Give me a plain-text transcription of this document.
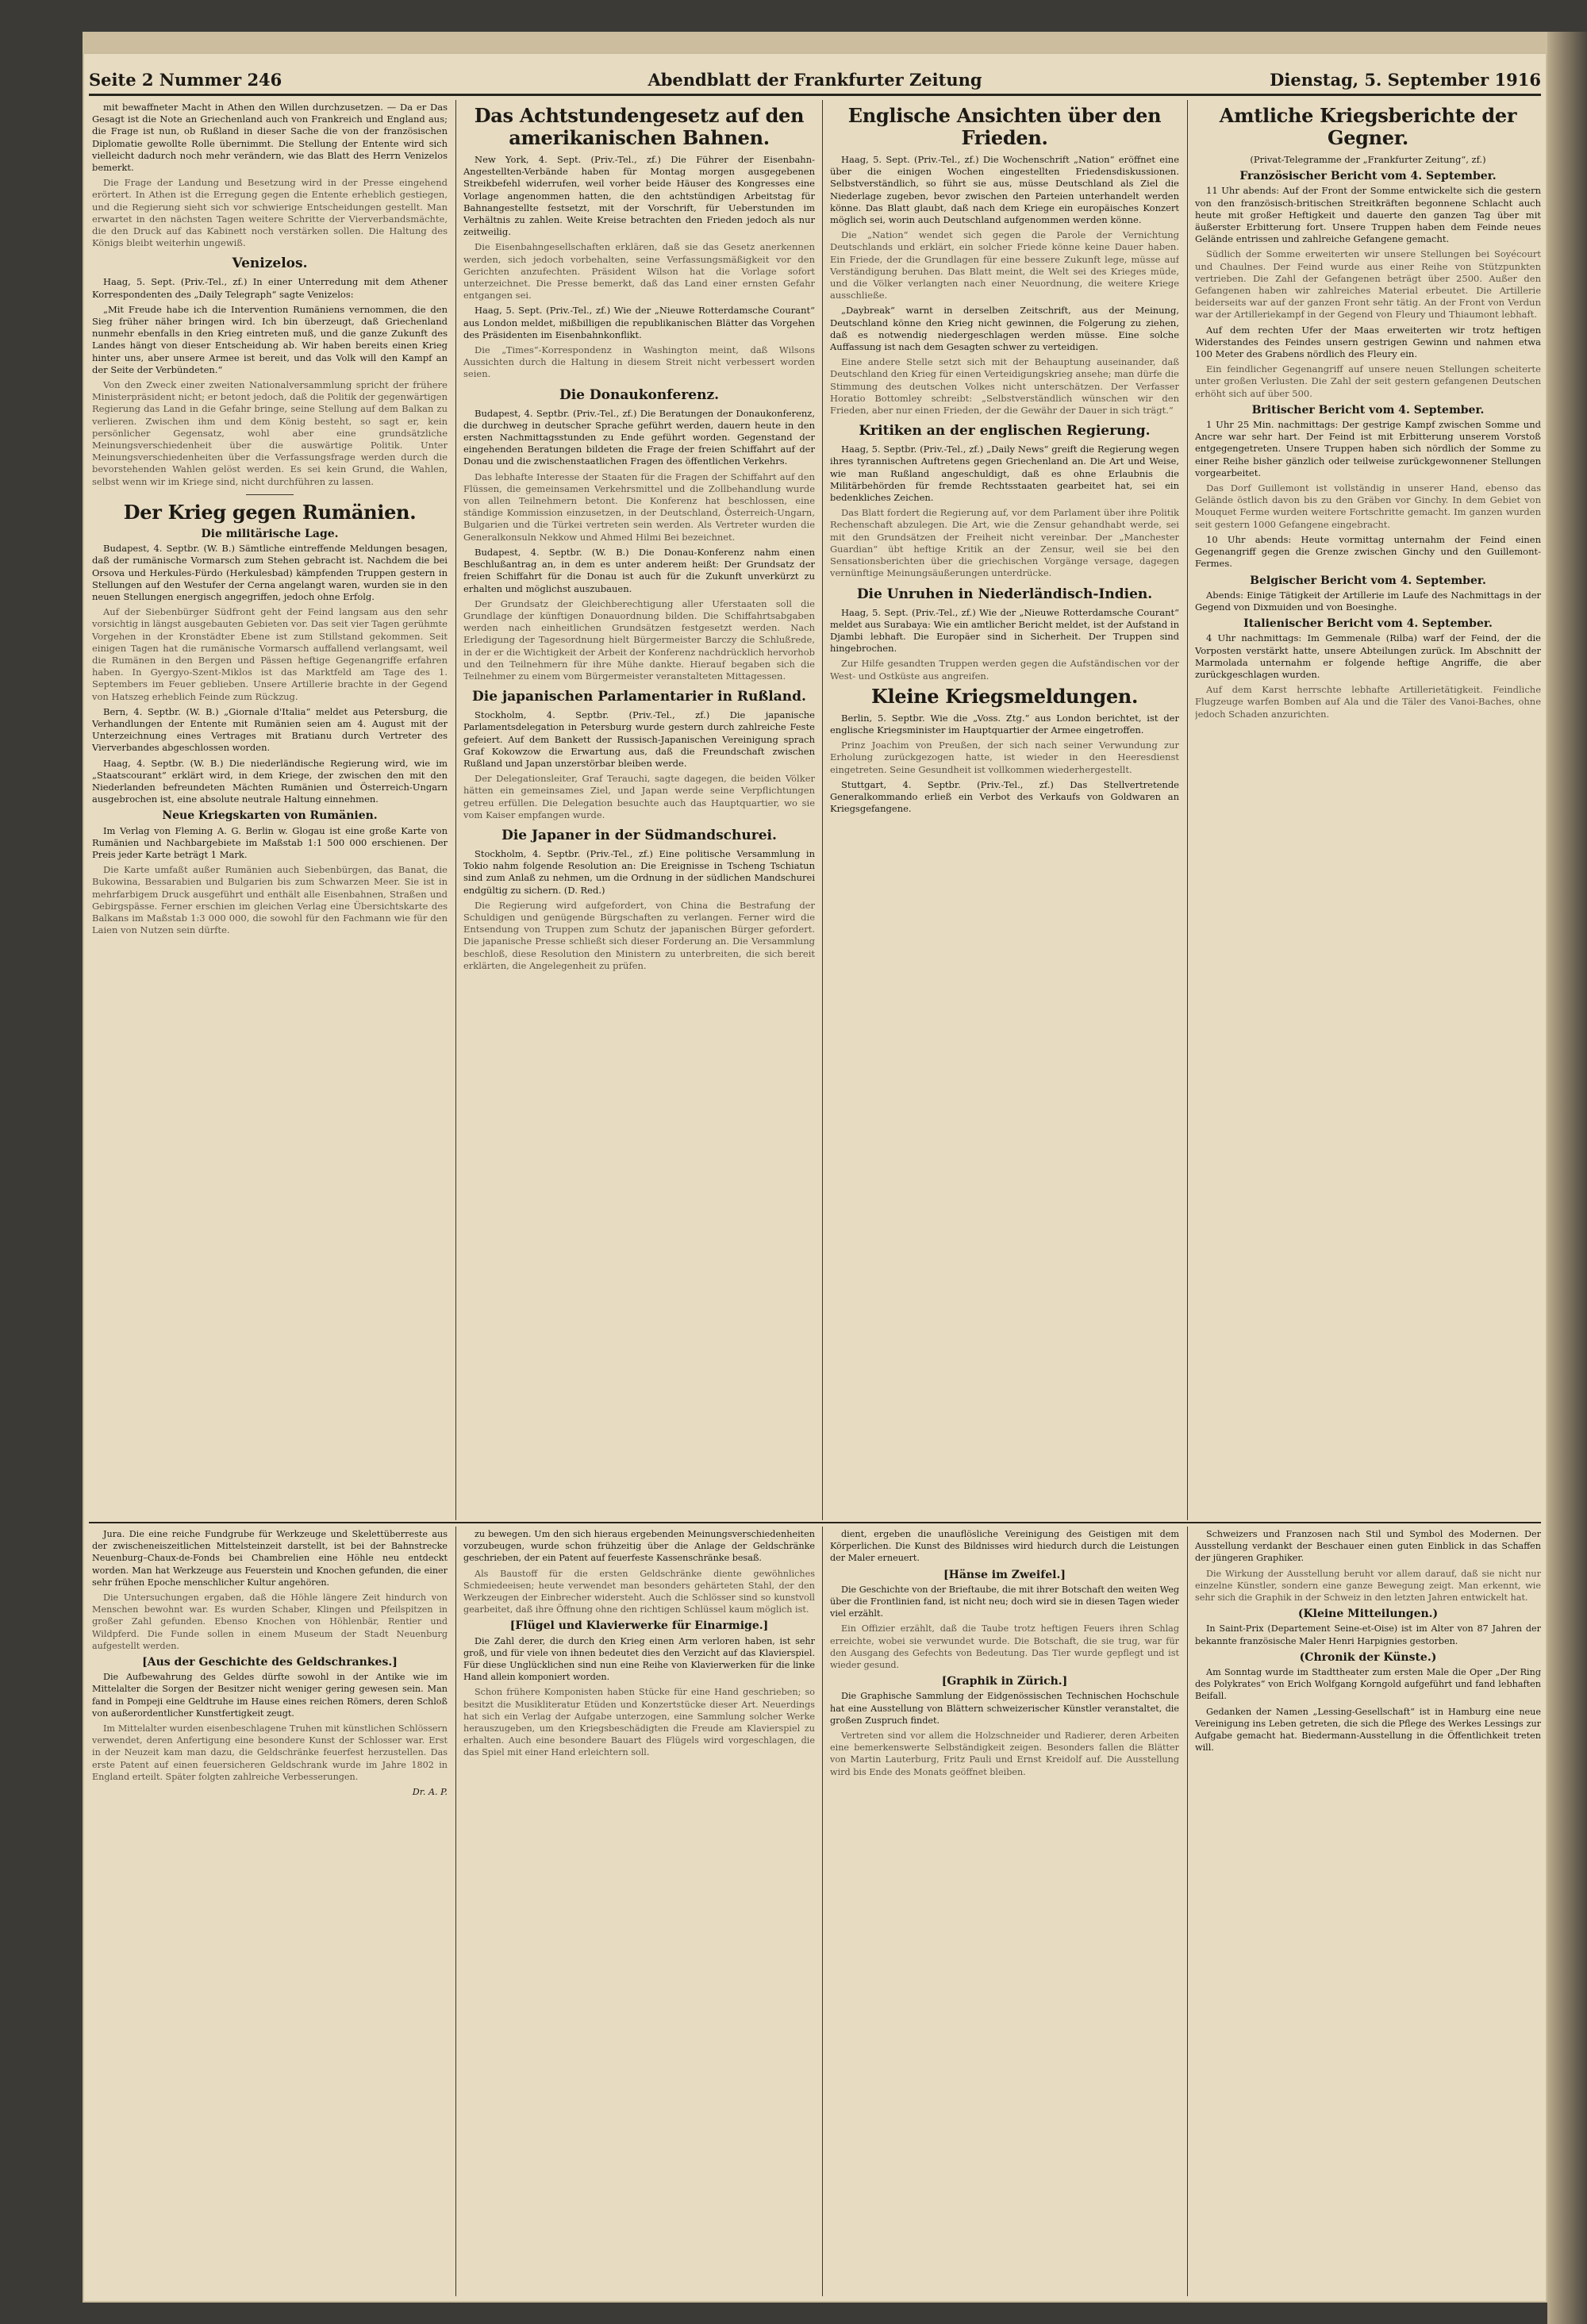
Seite 2 Nummer 246	Abendblatt der Frankfurter Zeitung	Dienstag, 5. September 1916

mit bewaffneter Macht in Athen den Willen durchzusetzen. — Da er Das Gesagt ist die Note an Griechenland auch von Frankreich und England aus; die Frage ist nun, ob Rußland in dieser Sache die von der französischen Diplomatie gewollte Rolle übernimmt. Die Stellung der Entente wird sich vielleicht dadurch noch mehr verändern, wie das Blatt des Herrn Venizelos bemerkt.

Die Frage der Landung und Besetzung wird in der Presse eingehend erörtert. In Athen ist die Erregung gegen die Entente erheblich gestiegen, und die Regierung sieht sich vor schwierige Entscheidungen gestellt. Man erwartet in den nächsten Tagen weitere Schritte der Vierverbandsmächte, die den Druck auf das Kabinett noch verstärken sollen. Die Haltung des Königs bleibt weiterhin ungewiß.

Venizelos.

Haag, 5. Sept. (Priv.-Tel., zf.) In einer Unterredung mit dem Athener Korrespondenten des „Daily Telegraph“ sagte Venizelos:

„Mit Freude habe ich die Intervention Rumäniens vernommen, die den Sieg früher näher bringen wird. Ich bin überzeugt, daß Griechenland nunmehr ebenfalls in den Krieg eintreten muß, und die ganze Zukunft des Landes hängt von dieser Entscheidung ab. Wir haben bereits einen Krieg hinter uns, aber unsere Armee ist bereit, und das Volk will den Kampf an der Seite der Verbündeten.“

Von den Zweck einer zweiten Nationalversammlung spricht der frühere Ministerpräsident nicht; er betont jedoch, daß die Politik der gegenwärtigen Regierung das Land in die Gefahr bringe, seine Stellung auf dem Balkan zu verlieren. Zwischen ihm und dem König besteht, so sagt er, kein persönlicher Gegensatz, wohl aber eine grundsätzliche Meinungsverschiedenheit über die auswärtige Politik. Unter Meinungsverschiedenheiten über die Verfassungsfrage werden durch die bevorstehenden Wahlen gelöst werden. Es sei kein Grund, die Wahlen, selbst wenn wir im Kriege sind, nicht durchführen zu lassen.

Der Krieg gegen Rumänien.
Die militärische Lage.

Budapest, 4. Septbr. (W. B.) Sämtliche eintreffende Meldungen besagen, daß der rumänische Vormarsch zum Stehen gebracht ist. Nachdem die bei Orsova und Herkules-Fürdo (Herkulesbad) kämpfenden Truppen gestern in Stellungen auf den Westufer der Cerna angelangt waren, wurden sie in den neuen Stellungen energisch angegriffen, jedoch ohne Erfolg.

Auf der Siebenbürger Südfront geht der Feind langsam aus den sehr vorsichtig in längst ausgebauten Gebieten vor. Das seit vier Tagen gerühmte Vorgehen in der Kronstädter Ebene ist zum Stillstand gekommen. Seit einigen Tagen hat die rumänische Vormarsch auffallend verlangsamt, weil die Rumänen in den Bergen und Pässen heftige Gegenangriffe erfahren haben. In Gyergyo-Szent-Miklos ist das Marktfeld am Tage des 1. Septembers im Feuer geblieben. Unsere Artillerie brachte in der Gegend von Hatszeg erheblich Feinde zum Rückzug.

Bern, 4. Septbr. (W. B.) „Giornale d'Italia“ meldet aus Petersburg, die Verhandlungen der Entente mit Rumänien seien am 4. August mit der Unterzeichnung eines Vertrages mit Bratianu durch Vertreter des Vierverbandes abgeschlossen worden.

Haag, 4. Septbr. (W. B.) Die niederländische Regierung wird, wie im „Staatscourant“ erklärt wird, in dem Kriege, der zwischen den mit den Niederlanden befreundeten Mächten Rumänien und Österreich-Ungarn ausgebrochen ist, eine absolute neutrale Haltung einnehmen.

Neue Kriegskarten von Rumänien.

Im Verlag von Fleming A. G. Berlin w. Glogau ist eine große Karte von Rumänien und Nachbargebiete im Maßstab 1:1 500 000 erschienen. Der Preis jeder Karte beträgt 1 Mark.

Die Karte umfaßt außer Rumänien auch Siebenbürgen, das Banat, die Bukowina, Bessarabien und Bulgarien bis zum Schwarzen Meer. Sie ist in mehrfarbigem Druck ausgeführt und enthält alle Eisenbahnen, Straßen und Gebirgspässe. Ferner erschien im gleichen Verlag eine Übersichtskarte des Balkans im Maßstab 1:3 000 000, die sowohl für den Fachmann wie für den Laien von Nutzen sein dürfte.

Das Achtstundengesetz auf den amerikanischen Bahnen.

New York, 4. Sept. (Priv.-Tel., zf.) Die Führer der Eisenbahn-Angestellten-Verbände haben für Montag morgen ausgegebenen Streikbefehl widerrufen, weil vorher beide Häuser des Kongresses eine Vorlage angenommen hatten, die den achtstündigen Arbeitstag für Bahnangestellte festsetzt, mit der Vorschrift, für Ueberstunden im Verhältnis zu zahlen. Weite Kreise betrachten den Frieden jedoch als nur zeitweilig.

Die Eisenbahngesellschaften erklären, daß sie das Gesetz anerkennen werden, sich jedoch vorbehalten, seine Verfassungsmäßigkeit vor den Gerichten anzufechten. Präsident Wilson hat die Vorlage sofort unterzeichnet. Die Presse bemerkt, daß das Land einer ernsten Gefahr entgangen sei.

Haag, 5. Sept. (Priv.-Tel., zf.) Wie der „Nieuwe Rotterdamsche Courant“ aus London meldet, mißbilligen die republikanischen Blätter das Vorgehen des Präsidenten im Eisenbahnkonflikt.

Die „Times“-Korrespondenz in Washington meint, daß Wilsons Aussichten durch die Haltung in diesem Streit nicht verbessert worden seien.

Die Donaukonferenz.

Budapest, 4. Septbr. (Priv.-Tel., zf.) Die Beratungen der Donaukonferenz, die durchweg in deutscher Sprache geführt werden, dauern heute in den ersten Nachmittagsstunden zu Ende geführt worden. Gegenstand der eingehenden Beratungen bildeten die Frage der freien Schiffahrt auf der Donau und die zwischenstaatlichen Fragen des öffentlichen Verkehrs.

Das lebhafte Interesse der Staaten für die Fragen der Schiffahrt auf den Flüssen, die gemeinsamen Verkehrsmittel und die Zollbehandlung wurde von allen Teilnehmern betont. Die Konferenz hat beschlossen, eine ständige Kommission einzusetzen, in der Deutschland, Österreich-Ungarn, Bulgarien und die Türkei vertreten sein werden. Als Vertreter wurden die Generalkonsuln Nekkow und Ahmed Hilmi Bei bezeichnet.

Budapest, 4. Septbr. (W. B.) Die Donau-Konferenz nahm einen Beschlußantrag an, in dem es unter anderem heißt: Der Grundsatz der freien Schiffahrt für die Donau ist auch für die Zukunft unverkürzt zu erhalten und möglichst auszubauen.

Der Grundsatz der Gleichberechtigung aller Uferstaaten soll die Grundlage der künftigen Donauordnung bilden. Die Schiffahrtsabgaben werden nach einheitlichen Grundsätzen festgesetzt werden. Nach Erledigung der Tagesordnung hielt Bürgermeister Barczy die Schlußrede, in der er die Wichtigkeit der Arbeit der Konferenz nachdrücklich hervorhob und den Teilnehmern für ihre Mühe dankte. Hierauf begaben sich die Teilnehmer zu einem vom Bürgermeister veranstalteten Mittagessen.

Die japanischen Parlamentarier in Rußland.

Stockholm, 4. Septbr. (Priv.-Tel., zf.) Die japanische Parlamentsdelegation in Petersburg wurde gestern durch zahlreiche Feste gefeiert. Auf dem Bankett der Russisch-Japanischen Vereinigung sprach Graf Kokowzow die Erwartung aus, daß die Freundschaft zwischen Rußland und Japan unzerstörbar bleiben werde.

Der Delegationsleiter, Graf Terauchi, sagte dagegen, die beiden Völker hätten ein gemeinsames Ziel, und Japan werde seine Verpflichtungen getreu erfüllen. Die Delegation besuchte auch das Hauptquartier, wo sie vom Kaiser empfangen wurde.

Die Japaner in der Südmandschurei.

Stockholm, 4. Septbr. (Priv.-Tel., zf.) Eine politische Versammlung in Tokio nahm folgende Resolution an: Die Ereignisse in Tscheng Tschiatun sind zum Anlaß zu nehmen, um die Ordnung in der südlichen Mandschurei endgültig zu sichern. (D. Red.)

Die Regierung wird aufgefordert, von China die Bestrafung der Schuldigen und genügende Bürgschaften zu verlangen. Ferner wird die Entsendung von Truppen zum Schutz der japanischen Bürger gefordert. Die japanische Presse schließt sich dieser Forderung an. Die Versammlung beschloß, diese Resolution den Ministern zu unterbreiten, die sich bereit erklärten, die Angelegenheit zu prüfen.

Englische Ansichten über den Frieden.

Haag, 5. Sept. (Priv.-Tel., zf.) Die Wochenschrift „Nation“ eröffnet eine über die einigen Wochen eingestellten Friedensdiskussionen. Selbstverständlich, so führt sie aus, müsse Deutschland als Ziel die Niederlage zugeben, bevor zwischen den Parteien unterhandelt werden könne. Das Blatt glaubt, daß nach dem Kriege ein europäisches Konzert möglich sei, worin auch Deutschland aufgenommen werden könne.

Die „Nation“ wendet sich gegen die Parole der Vernichtung Deutschlands und erklärt, ein solcher Friede könne keine Dauer haben. Ein Friede, der die Grundlagen für eine bessere Zukunft lege, müsse auf Verständigung beruhen. Das Blatt meint, die Welt sei des Krieges müde, und die Völker verlangten nach einer Neuordnung, die weitere Kriege ausschließe.

„Daybreak“ warnt in derselben Zeitschrift, aus der Meinung, Deutschland könne den Krieg nicht gewinnen, die Folgerung zu ziehen, daß es notwendig niedergeschlagen werden müsse. Eine solche Auffassung ist nach dem Gesagten schwer zu verteidigen.

Eine andere Stelle setzt sich mit der Behauptung auseinander, daß Deutschland den Krieg für einen Verteidigungskrieg ansehe; man dürfe die Stimmung des deutschen Volkes nicht unterschätzen. Der Verfasser Horatio Bottomley schreibt: „Selbstverständlich wünschen wir den Frieden, aber nur einen Frieden, der die Gewähr der Dauer in sich trägt.“

Kritiken an der englischen Regierung.

Haag, 5. Septbr. (Priv.-Tel., zf.) „Daily News“ greift die Regierung wegen ihres tyrannischen Auftretens gegen Griechenland an. Die Art und Weise, wie man Rußland angeschuldigt, daß es ohne Erlaubnis die Militärbehörden für fremde Rechtsstaaten gearbeitet hat, sei ein bedenkliches Zeichen.

Das Blatt fordert die Regierung auf, vor dem Parlament über ihre Politik Rechenschaft abzulegen. Die Art, wie die Zensur gehandhabt werde, sei mit den Grundsätzen der Freiheit nicht vereinbar. Der „Manchester Guardian“ übt heftige Kritik an der Zensur, weil sie bei den Sensationsberichten über die griechischen Vorgänge versage, dagegen vernünftige Meinungsäußerungen unterdrücke.

Die Unruhen in Niederländisch-Indien.

Haag, 5. Sept. (Priv.-Tel., zf.) Wie der „Nieuwe Rotterdamsche Courant“ meldet aus Surabaya: Wie ein amtlicher Bericht meldet, ist der Aufstand in Djambi lebhaft. Die Europäer sind in Sicherheit. Der Truppen sind hingebrochen.

Zur Hilfe gesandten Truppen werden gegen die Aufständischen vor der West- und Ostküste aus angreifen.

Kleine Kriegsmeldungen.

Berlin, 5. Septbr. Wie die „Voss. Ztg.“ aus London berichtet, ist der englische Kriegsminister im Hauptquartier der Armee eingetroffen.

Prinz Joachim von Preußen, der sich nach seiner Verwundung zur Erholung zurückgezogen hatte, ist wieder in den Heeresdienst eingetreten. Seine Gesundheit ist vollkommen wiederhergestellt.

Stuttgart, 4. Septbr. (Priv.-Tel., zf.) Das Stellvertretende Generalkommando erließ ein Verbot des Verkaufs von Goldwaren an Kriegsgefangene.

Amtliche Kriegsberichte der Gegner.
(Privat-Telegramme der „Frankfurter Zeitung“, zf.)
Französischer Bericht vom 4. September.

11 Uhr abends: Auf der Front der Somme entwickelte sich die gestern von den französisch-britischen Streitkräften begonnene Schlacht auch heute mit großer Heftigkeit und dauerte den ganzen Tag über mit äußerster Erbitterung fort. Unsere Truppen haben dem Feinde neues Gelände entrissen und zahlreiche Gefangene gemacht.

Südlich der Somme erweiterten wir unsere Stellungen bei Soyécourt und Chaulnes. Der Feind wurde aus einer Reihe von Stützpunkten vertrieben. Die Zahl der Gefangenen beträgt über 2500. Außer den Gefangenen haben wir zahlreiches Material erbeutet. Die Artillerie beiderseits war auf der ganzen Front sehr tätig. An der Front von Verdun war der Artilleriekampf in der Gegend von Fleury und Thiaumont lebhaft.

Auf dem rechten Ufer der Maas erweiterten wir trotz heftigen Widerstandes des Feindes unsern gestrigen Gewinn und nahmen etwa 100 Meter des Grabens nördlich des Fleury ein.

Ein feindlicher Gegenangriff auf unsere neuen Stellungen scheiterte unter großen Verlusten. Die Zahl der seit gestern gefangenen Deutschen erhöht sich auf über 500.

Britischer Bericht vom 4. September.

1 Uhr 25 Min. nachmittags: Der gestrige Kampf zwischen Somme und Ancre war sehr hart. Der Feind ist mit Erbitterung unserem Vorstoß entgegengetreten. Unsere Truppen haben sich nördlich der Somme zu einer Reihe bisher gänzlich oder teilweise zurückgewonnener Stellungen vorgearbeitet.

Das Dorf Guillemont ist vollständig in unserer Hand, ebenso das Gelände östlich davon bis zu den Gräben vor Ginchy. In dem Gebiet von Mouquet Ferme wurden weitere Fortschritte gemacht. Im ganzen wurden seit gestern 1000 Gefangene eingebracht.

10 Uhr abends: Heute vormittag unternahm der Feind einen Gegenangriff gegen die Grenze zwischen Ginchy und den Guillemont-Fermes.

Belgischer Bericht vom 4. September.

Abends: Einige Tätigkeit der Artillerie im Laufe des Nachmittags in der Gegend von Dixmuiden und von Boesinghe.

Italienischer Bericht vom 4. September.

4 Uhr nachmittags: Im Gemmenale (Rilba) warf der Feind, der die Vorposten verstärkt hatte, unsere Abteilungen zurück. Im Abschnitt der Marmolada unternahm er folgende heftige Angriffe, die aber zurückgeschlagen wurden.

Auf dem Karst herrschte lebhafte Artillerietätigkeit. Feindliche Flugzeuge warfen Bomben auf Ala und die Täler des Vanoi-Baches, ohne jedoch Schaden anzurichten.

Jura. Die eine reiche Fundgrube für Werkzeuge und Skelettüberreste aus der zwischeneiszeitlichen Mittelsteinzeit darstellt, ist bei der Bahnstrecke Neuenburg–Chaux-de-Fonds bei Chambrelien eine Höhle neu entdeckt worden. Man hat Werkzeuge aus Feuerstein und Knochen gefunden, die einer sehr frühen Epoche menschlicher Kultur angehören.

Die Untersuchungen ergaben, daß die Höhle längere Zeit hindurch von Menschen bewohnt war. Es wurden Schaber, Klingen und Pfeilspitzen in großer Zahl gefunden. Ebenso Knochen von Höhlenbär, Rentier und Wildpferd. Die Funde sollen in einem Museum der Stadt Neuenburg aufgestellt werden.

[Aus der Geschichte des Geldschrankes.]

Die Aufbewahrung des Geldes dürfte sowohl in der Antike wie im Mittelalter die Sorgen der Besitzer nicht weniger gering gewesen sein. Man fand in Pompeji eine Geldtruhe im Hause eines reichen Römers, deren Schloß von außerordentlicher Kunstfertigkeit zeugt.

Im Mittelalter wurden eisenbeschlagene Truhen mit künstlichen Schlössern verwendet, deren Anfertigung eine besondere Kunst der Schlosser war. Erst in der Neuzeit kam man dazu, die Geldschränke feuerfest herzustellen. Das erste Patent auf einen feuersicheren Geldschrank wurde im Jahre 1802 in England erteilt. Später folgten zahlreiche Verbesserungen.

Dr. A. P.

zu bewegen. Um den sich hieraus ergebenden Meinungsverschiedenheiten vorzubeugen, wurde schon frühzeitig über die Anlage der Geldschränke geschrieben, der ein Patent auf feuerfeste Kassenschränke besaß.

Als Baustoff für die ersten Geldschränke diente gewöhnliches Schmiedeeisen; heute verwendet man besonders gehärteten Stahl, der den Werkzeugen der Einbrecher widersteht. Auch die Schlösser sind so kunstvoll gearbeitet, daß ihre Öffnung ohne den richtigen Schlüssel kaum möglich ist.

[Flügel und Klavierwerke für Einarmige.]

Die Zahl derer, die durch den Krieg einen Arm verloren haben, ist sehr groß, und für viele von ihnen bedeutet dies den Verzicht auf das Klavierspiel. Für diese Unglücklichen sind nun eine Reihe von Klavierwerken für die linke Hand allein komponiert worden.

Schon frühere Komponisten haben Stücke für eine Hand geschrieben; so besitzt die Musikliteratur Etüden und Konzertstücke dieser Art. Neuerdings hat sich ein Verlag der Aufgabe unterzogen, eine Sammlung solcher Werke herauszugeben, um den Kriegsbeschädigten die Freude am Klavierspiel zu erhalten. Auch eine besondere Bauart des Flügels wird vorgeschlagen, die das Spiel mit einer Hand erleichtern soll.

dient, ergeben die unauflösliche Vereinigung des Geistigen mit dem Körperlichen. Die Kunst des Bildnisses wird hiedurch durch die Leistungen der Maler erneuert.

[Hänse im Zweifel.]

Die Geschichte von der Brieftaube, die mit ihrer Botschaft den weiten Weg über die Frontlinien fand, ist nicht neu; doch wird sie in diesen Tagen wieder viel erzählt.

Ein Offizier erzählt, daß die Taube trotz heftigen Feuers ihren Schlag erreichte, wobei sie verwundet wurde. Die Botschaft, die sie trug, war für den Ausgang des Gefechts von Bedeutung. Das Tier wurde gepflegt und ist wieder gesund.

[Graphik in Zürich.]

Die Graphische Sammlung der Eidgenössischen Technischen Hochschule hat eine Ausstellung von Blättern schweizerischer Künstler veranstaltet, die großen Zuspruch findet.

Vertreten sind vor allem die Holzschneider und Radierer, deren Arbeiten eine bemerkenswerte Selbständigkeit zeigen. Besonders fallen die Blätter von Martin Lauterburg, Fritz Pauli und Ernst Kreidolf auf. Die Ausstellung wird bis Ende des Monats geöffnet bleiben.

Schweizers und Franzosen nach Stil und Symbol des Modernen. Der Ausstellung verdankt der Beschauer einen guten Einblick in das Schaffen der jüngeren Graphiker.

Die Wirkung der Ausstellung beruht vor allem darauf, daß sie nicht nur einzelne Künstler, sondern eine ganze Bewegung zeigt. Man erkennt, wie sehr sich die Graphik in der Schweiz in den letzten Jahren entwickelt hat.

(Kleine Mitteilungen.)

In Saint-Prix (Departement Seine-et-Oise) ist im Alter von 87 Jahren der bekannte französische Maler Henri Harpignies gestorben.

(Chronik der Künste.)

Am Sonntag wurde im Stadttheater zum ersten Male die Oper „Der Ring des Polykrates“ von Erich Wolfgang Korngold aufgeführt und fand lebhaften Beifall.

Gedanken der Namen „Lessing-Gesellschaft“ ist in Hamburg eine neue Vereinigung ins Leben getreten, die sich die Pflege des Werkes Lessings zur Aufgabe gemacht hat. Biedermann-Ausstellung in die Öffentlichkeit treten will.
